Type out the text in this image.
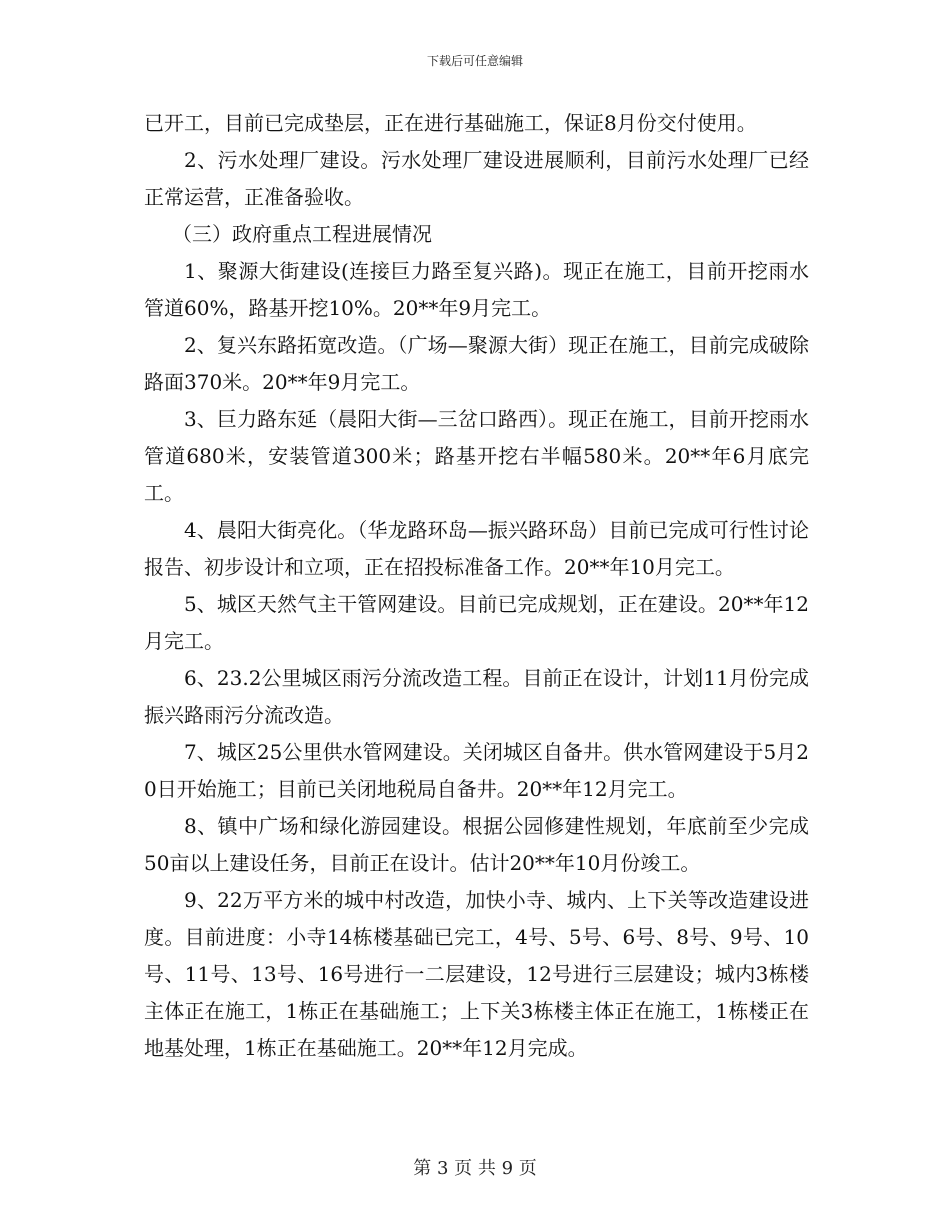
下载后可任意编辑

已开工，目前已完成垫层，正在进行基础施工，保证8月份交付使用。

2、污水处理厂建设。污水处理厂建设进展顺利，目前污水处理厂已经正常运营，正准备验收。

（三）政府重点工程进展情况

1、聚源大街建设(连接巨力路至复兴路)。现正在施工，目前开挖雨水管道60%，路基开挖10%。20**年9月完工。

2、复兴东路拓宽改造。（广场—聚源大街）现正在施工，目前完成破除路面370米。20**年9月完工。

3、巨力路东延（晨阳大街—三岔口路西）。现正在施工，目前开挖雨水管道680米，安装管道300米；路基开挖右半幅580米。20**年6月底完工。

4、晨阳大街亮化。（华龙路环岛—振兴路环岛）目前已完成可行性讨论报告、初步设计和立项，正在招投标准备工作。20**年10月完工。

5、城区天然气主干管网建设。目前已完成规划，正在建设。20**年12月完工。

6、23.2公里城区雨污分流改造工程。目前正在设计，计划11月份完成振兴路雨污分流改造。

7、城区25公里供水管网建设。关闭城区自备井。供水管网建设于5月20日开始施工；目前已关闭地税局自备井。20**年12月完工。

8、镇中广场和绿化游园建设。根据公园修建性规划，年底前至少完成50亩以上建设任务，目前正在设计。估计20**年10月份竣工。

9、22万平方米的城中村改造，加快小寺、城内、上下关等改造建设进度。目前进度：小寺14栋楼基础已完工，4号、5号、6号、8号、9号、10号、11号、13号、16号进行一二层建设，12号进行三层建设；城内3栋楼主体正在施工，1栋正在基础施工；上下关3栋楼主体正在施工，1栋楼正在地基处理，1栋正在基础施工。20**年12月完成。

第 3 页 共 9 页
